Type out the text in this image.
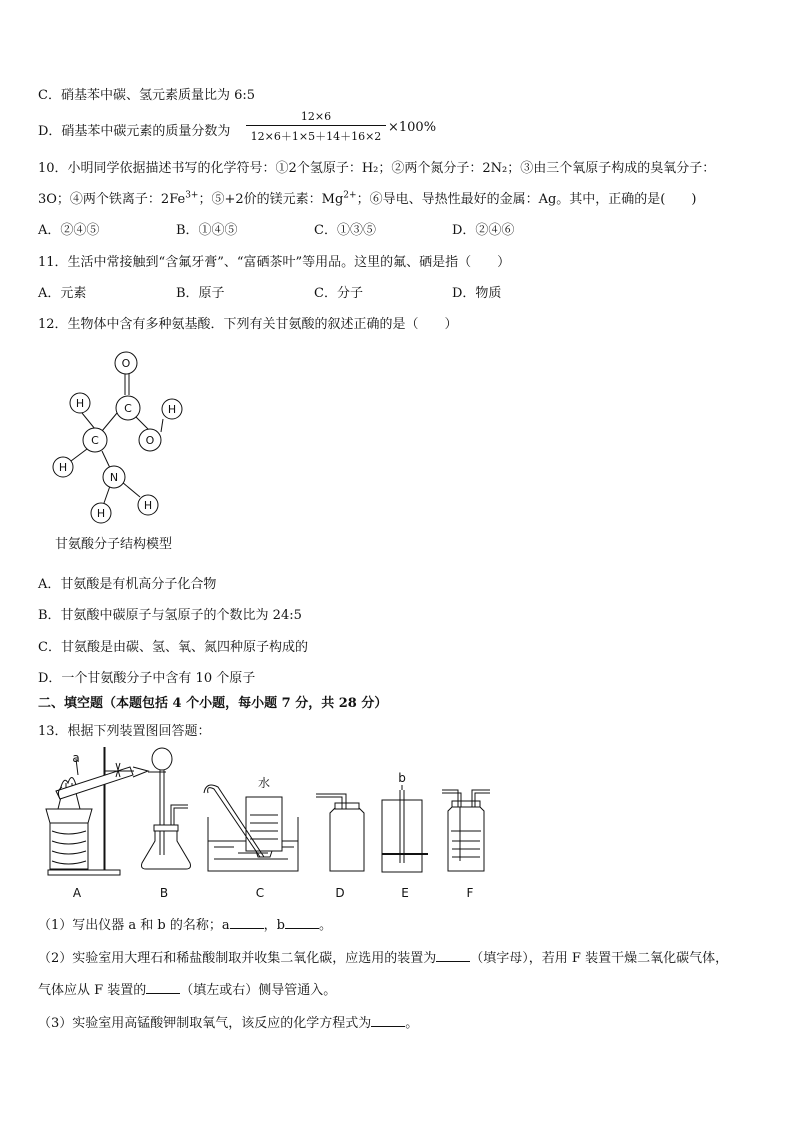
C．硝基苯中碳、氢元素质量比为 6:5
D．硝基苯中碳元素的质量分数为
12×6
12×6＋1×5＋14＋16×2
×100%
10．小明同学依据描述书写的化学符号：①2个氢原子：H₂；②两个氮分子：2N₂；③由三个氧原子构成的臭氧分子：
3O；④两个铁离子：$2Fe^{3+}$；⑤+2价的镁元素：$Mg^{2+}$；⑥导电、导热性最好的金属：Ag。其中，正确的是(　　)
A．②④⑤	B．①④⑤	C．①③⑤	D．②④⑥
11．生活中常接触到“含氟牙膏”、“富硒茶叶”等用品。这里的氟、硒是指（　　）
A．元素	B．原子	C．分子	D．物质
12．生物体中含有多种氨基酸．下列有关甘氨酸的叙述正确的是（　　）
O
C
H	H
O
C
H
N
H
H
甘氨酸分子结构模型
A．甘氨酸是有机高分子化合物
B．甘氨酸中碳原子与氢原子的个数比为 24:5
C．甘氨酸是由碳、氢、氧、氮四种原子构成的
D．一个甘氨酸分子中含有 10 个原子
二、填空题（本题包括 4 个小题，每小题 7 分，共 28 分）
13．根据下列装置图回答题：
a
b
水
A	B	C	D	E	F
（1）写出仪器 a 和 b 的名称；a	，b	。
（2）实验室用大理石和稀盐酸制取并收集二氧化碳，应选用的装置为	（填字母），若用 F 装置干燥二氧化碳气体，
气体应从 F 装置的	（填左或右）侧导管通入。
（3）实验室用高锰酸钾制取氧气，该反应的化学方程式为	。
